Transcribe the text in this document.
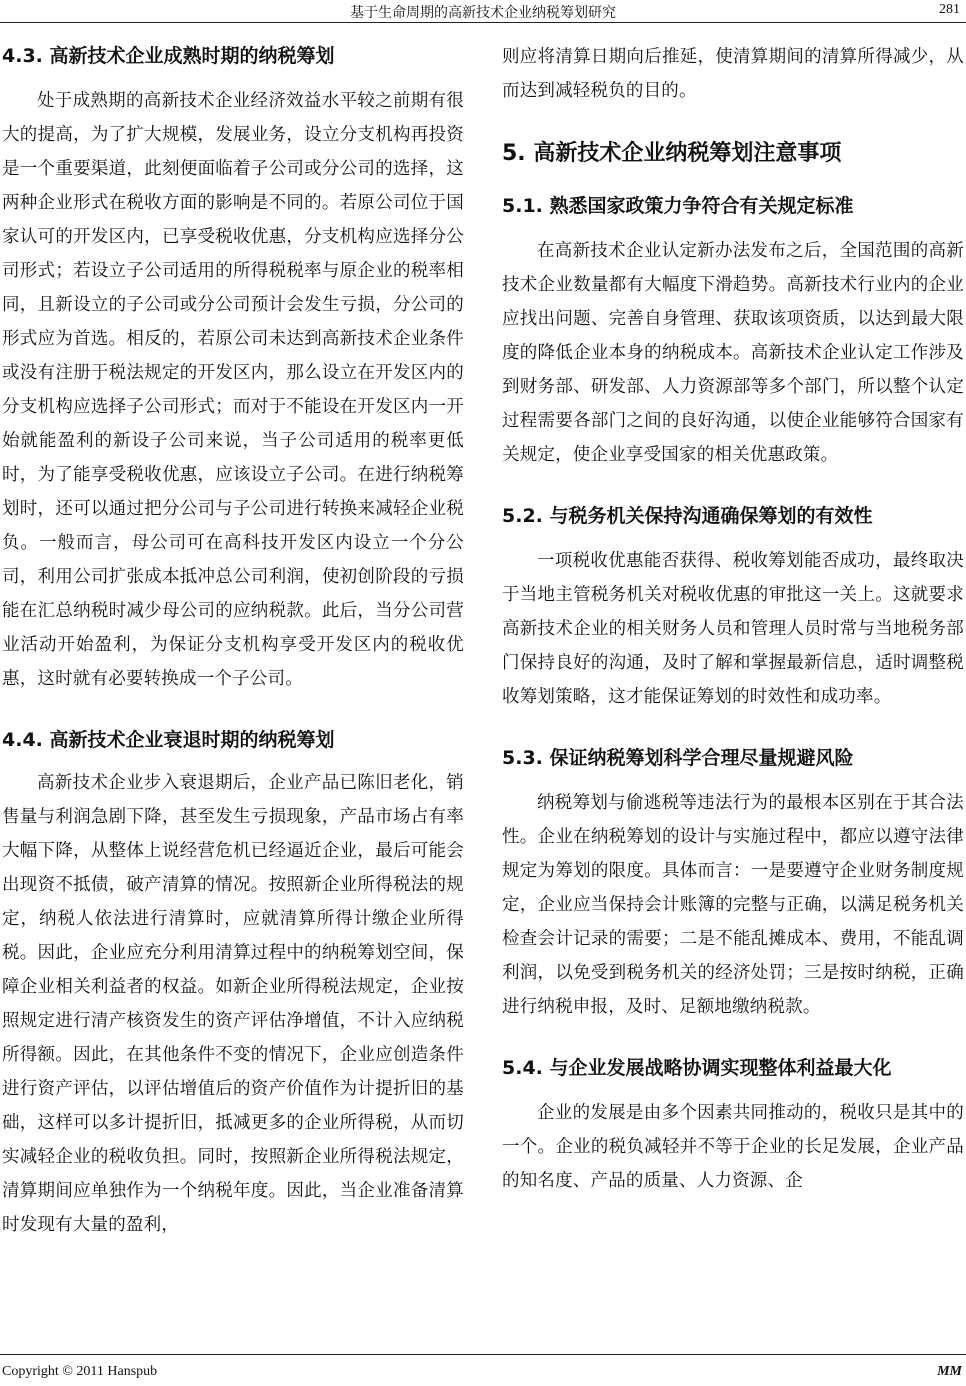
基于生命周期的高新技术企业纳税筹划研究	281
4.3. 高新技术企业成熟时期的纳税筹划

处于成熟期的高新技术企业经济效益水平较之前期有很大的提高，为了扩大规模，发展业务，设立分支机构再投资是一个重要渠道，此刻便面临着子公司或分公司的选择，这两种企业形式在税收方面的影响是不同的。若原公司位于国家认可的开发区内，已享受税收优惠，分支机构应选择分公司形式；若设立子公司适用的所得税税率与原企业的税率相同，且新设立的子公司或分公司预计会发生亏损，分公司的形式应为首选。相反的，若原公司未达到高新技术企业条件或没有注册于税法规定的开发区内，那么设立在开发区内的分支机构应选择子公司形式；而对于不能设在开发区内一开始就能盈利的新设子公司来说，当子公司适用的税率更低时，为了能享受税收优惠，应该设立子公司。在进行纳税筹划时，还可以通过把分公司与子公司进行转换来减轻企业税负。一般而言，母公司可在高科技开发区内设立一个分公司，利用公司扩张成本抵冲总公司利润，使初创阶段的亏损能在汇总纳税时减少母公司的应纳税款。此后，当分公司营业活动开始盈利，为保证分支机构享受开发区内的税收优惠，这时就有必要转换成一个子公司。

4.4. 高新技术企业衰退时期的纳税筹划

高新技术企业步入衰退期后，企业产品已陈旧老化，销售量与利润急剧下降，甚至发生亏损现象，产品市场占有率大幅下降，从整体上说经营危机已经逼近企业，最后可能会出现资不抵债，破产清算的情况。按照新企业所得税法的规定，纳税人依法进行清算时，应就清算所得计缴企业所得税。因此，企业应充分利用清算过程中的纳税筹划空间，保障企业相关利益者的权益。如新企业所得税法规定，企业按照规定进行清产核资发生的资产评估净增值，不计入应纳税所得额。因此，在其他条件不变的情况下，企业应创造条件进行资产评估，以评估增值后的资产价值作为计提折旧的基础，这样可以多计提折旧，抵减更多的企业所得税，从而切实减轻企业的税收负担。同时，按照新企业所得税法规定，清算期间应单独作为一个纳税年度。因此，当企业准备清算时发现有大量的盈利，

则应将清算日期向后推延，使清算期间的清算所得减少，从而达到减轻税负的目的。

5. 高新技术企业纳税筹划注意事项
5.1. 熟悉国家政策力争符合有关规定标准

在高新技术企业认定新办法发布之后，全国范围的高新技术企业数量都有大幅度下滑趋势。高新技术行业内的企业应找出问题、完善自身管理、获取该项资质，以达到最大限度的降低企业本身的纳税成本。高新技术企业认定工作涉及到财务部、研发部、人力资源部等多个部门，所以整个认定过程需要各部门之间的良好沟通，以使企业能够符合国家有关规定，使企业享受国家的相关优惠政策。

5.2. 与税务机关保持沟通确保筹划的有效性

一项税收优惠能否获得、税收筹划能否成功，最终取决于当地主管税务机关对税收优惠的审批这一关上。这就要求高新技术企业的相关财务人员和管理人员时常与当地税务部门保持良好的沟通，及时了解和掌握最新信息，适时调整税收筹划策略，这才能保证筹划的时效性和成功率。

5.3. 保证纳税筹划科学合理尽量规避风险

纳税筹划与偷逃税等违法行为的最根本区别在于其合法性。企业在纳税筹划的设计与实施过程中，都应以遵守法律规定为筹划的限度。具体而言：一是要遵守企业财务制度规定，企业应当保持会计账簿的完整与正确，以满足税务机关检查会计记录的需要；二是不能乱摊成本、费用，不能乱调利润，以免受到税务机关的经济处罚；三是按时纳税，正确进行纳税申报，及时、足额地缴纳税款。

5.4. 与企业发展战略协调实现整体利益最大化

企业的发展是由多个因素共同推动的，税收只是其中的一个。企业的税负减轻并不等于企业的长足发展，企业产品的知名度、产品的质量、人力资源、企

Copyright © 2011 Hanspub	MM
